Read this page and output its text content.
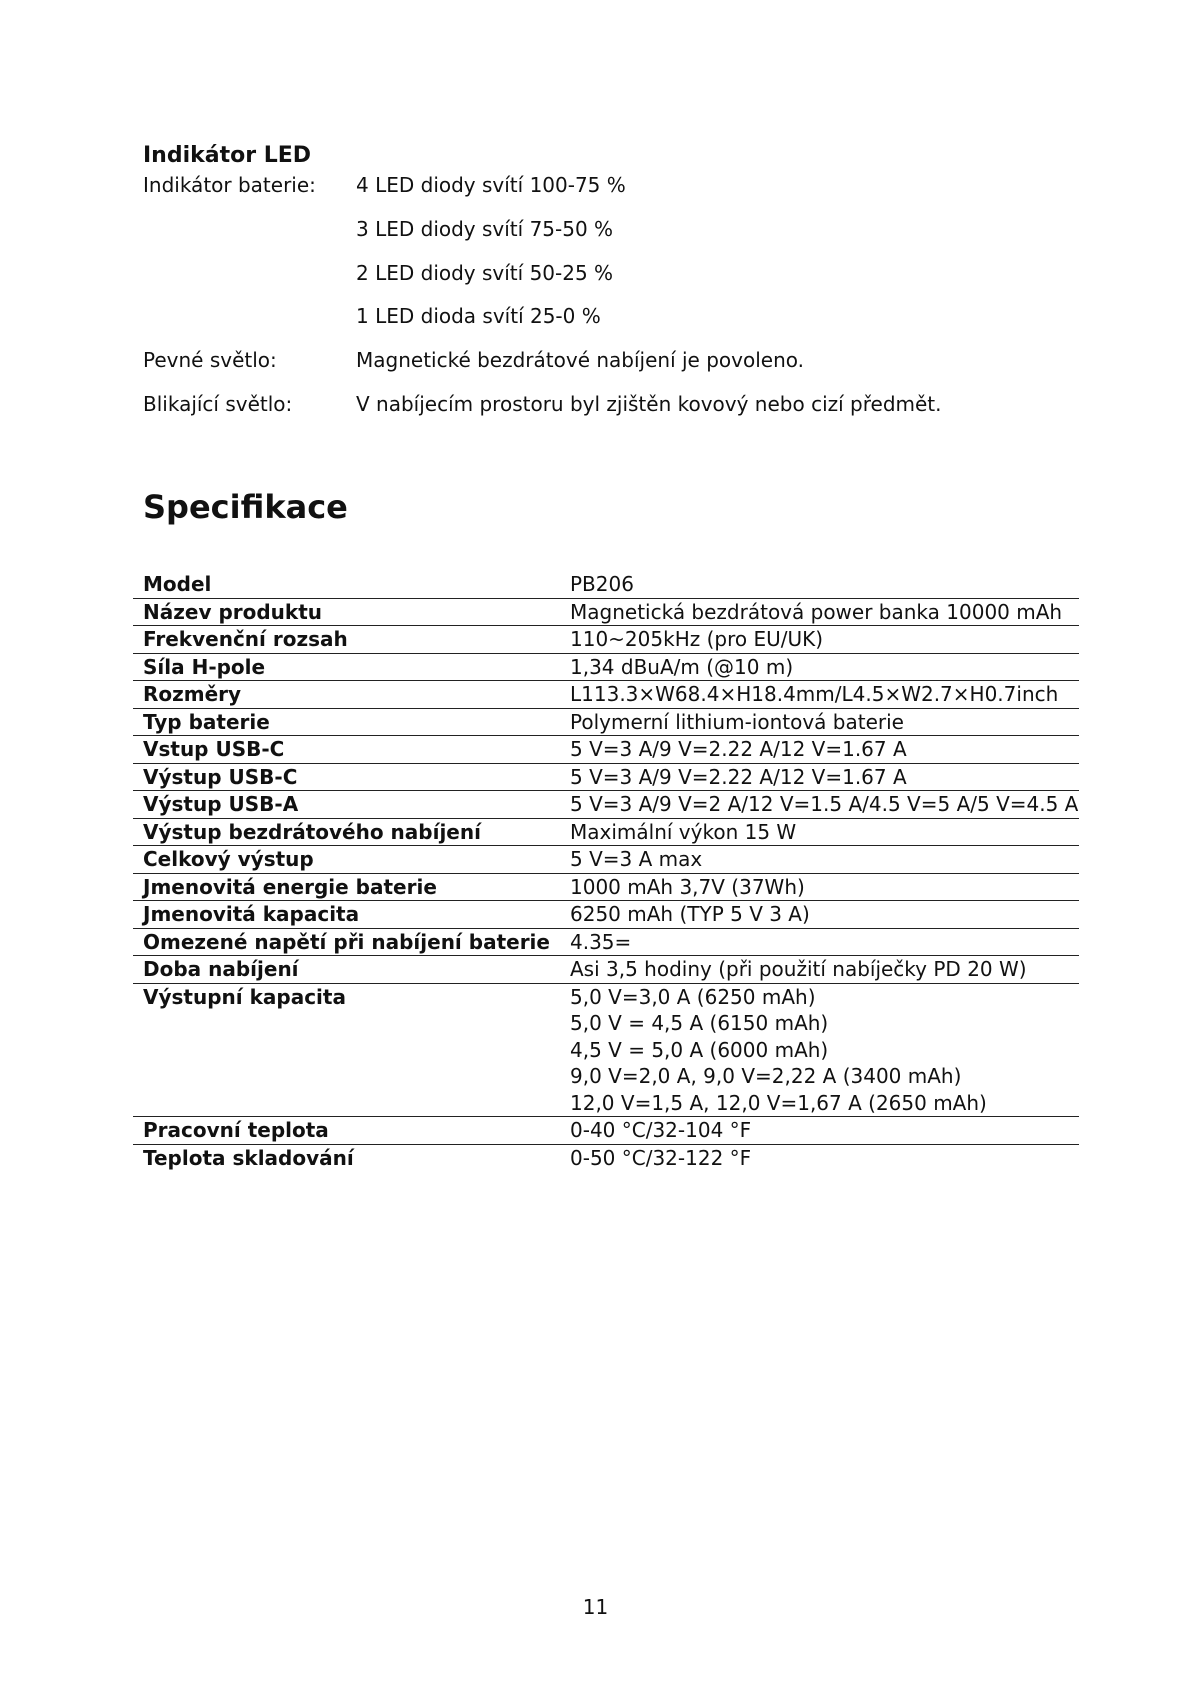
Indikátor LED
Indikátor baterie: 4 LED diody svítí 100-75 %
3 LED diody svítí 75-50 %
2 LED diody svítí 50-25 %
1 LED dioda svítí 25-0 %
Pevné světlo:	Magnetické bezdrátové nabíjení je povoleno.
Blikající světlo:	V nabíjecím prostoru byl zjištěn kovový nebo cizí předmět.
Specifikace
Model	PB206
Název produktu	Magnetická bezdrátová power banka 10000 mAh
Frekvenční rozsah	110~205kHz (pro EU/UK)
Síla H-pole	1,34 dBuA/m (@10 m)
Rozměry	L113.3×W68.4×H18.4mm/L4.5×W2.7×H0.7inch
Typ baterie	Polymerní lithium-iontová baterie
Vstup USB-C	5 V=3 A/9 V=2.22 A/12 V=1.67 A
Výstup USB-C	5 V=3 A/9 V=2.22 A/12 V=1.67 A
Výstup USB-A	5 V=3 A/9 V=2 A/12 V=1.5 A/4.5 V=5 A/5 V=4.5 A
Výstup bezdrátového nabíjení	Maximální výkon 15 W
Celkový výstup	5 V=3 A max
Jmenovitá energie baterie	1000 mAh 3,7V (37Wh)
Jmenovitá kapacita	6250 mAh (TYP 5 V 3 A)
Omezené napětí při nabíjení baterie	4.35=
Doba nabíjení	Asi 3,5 hodiny (při použití nabíječky PD 20 W)
Výstupní kapacita	5,0 V=3,0 A (6250 mAh)
5,0 V = 4,5 A (6150 mAh)
4,5 V = 5,0 A (6000 mAh)
9,0 V=2,0 A, 9,0 V=2,22 A (3400 mAh)
12,0 V=1,5 A, 12,0 V=1,67 A (2650 mAh)

Pracovní teplota	0-40 °C/32-104 °F
Teplota skladování	0-50 °C/32-122 °F
11
